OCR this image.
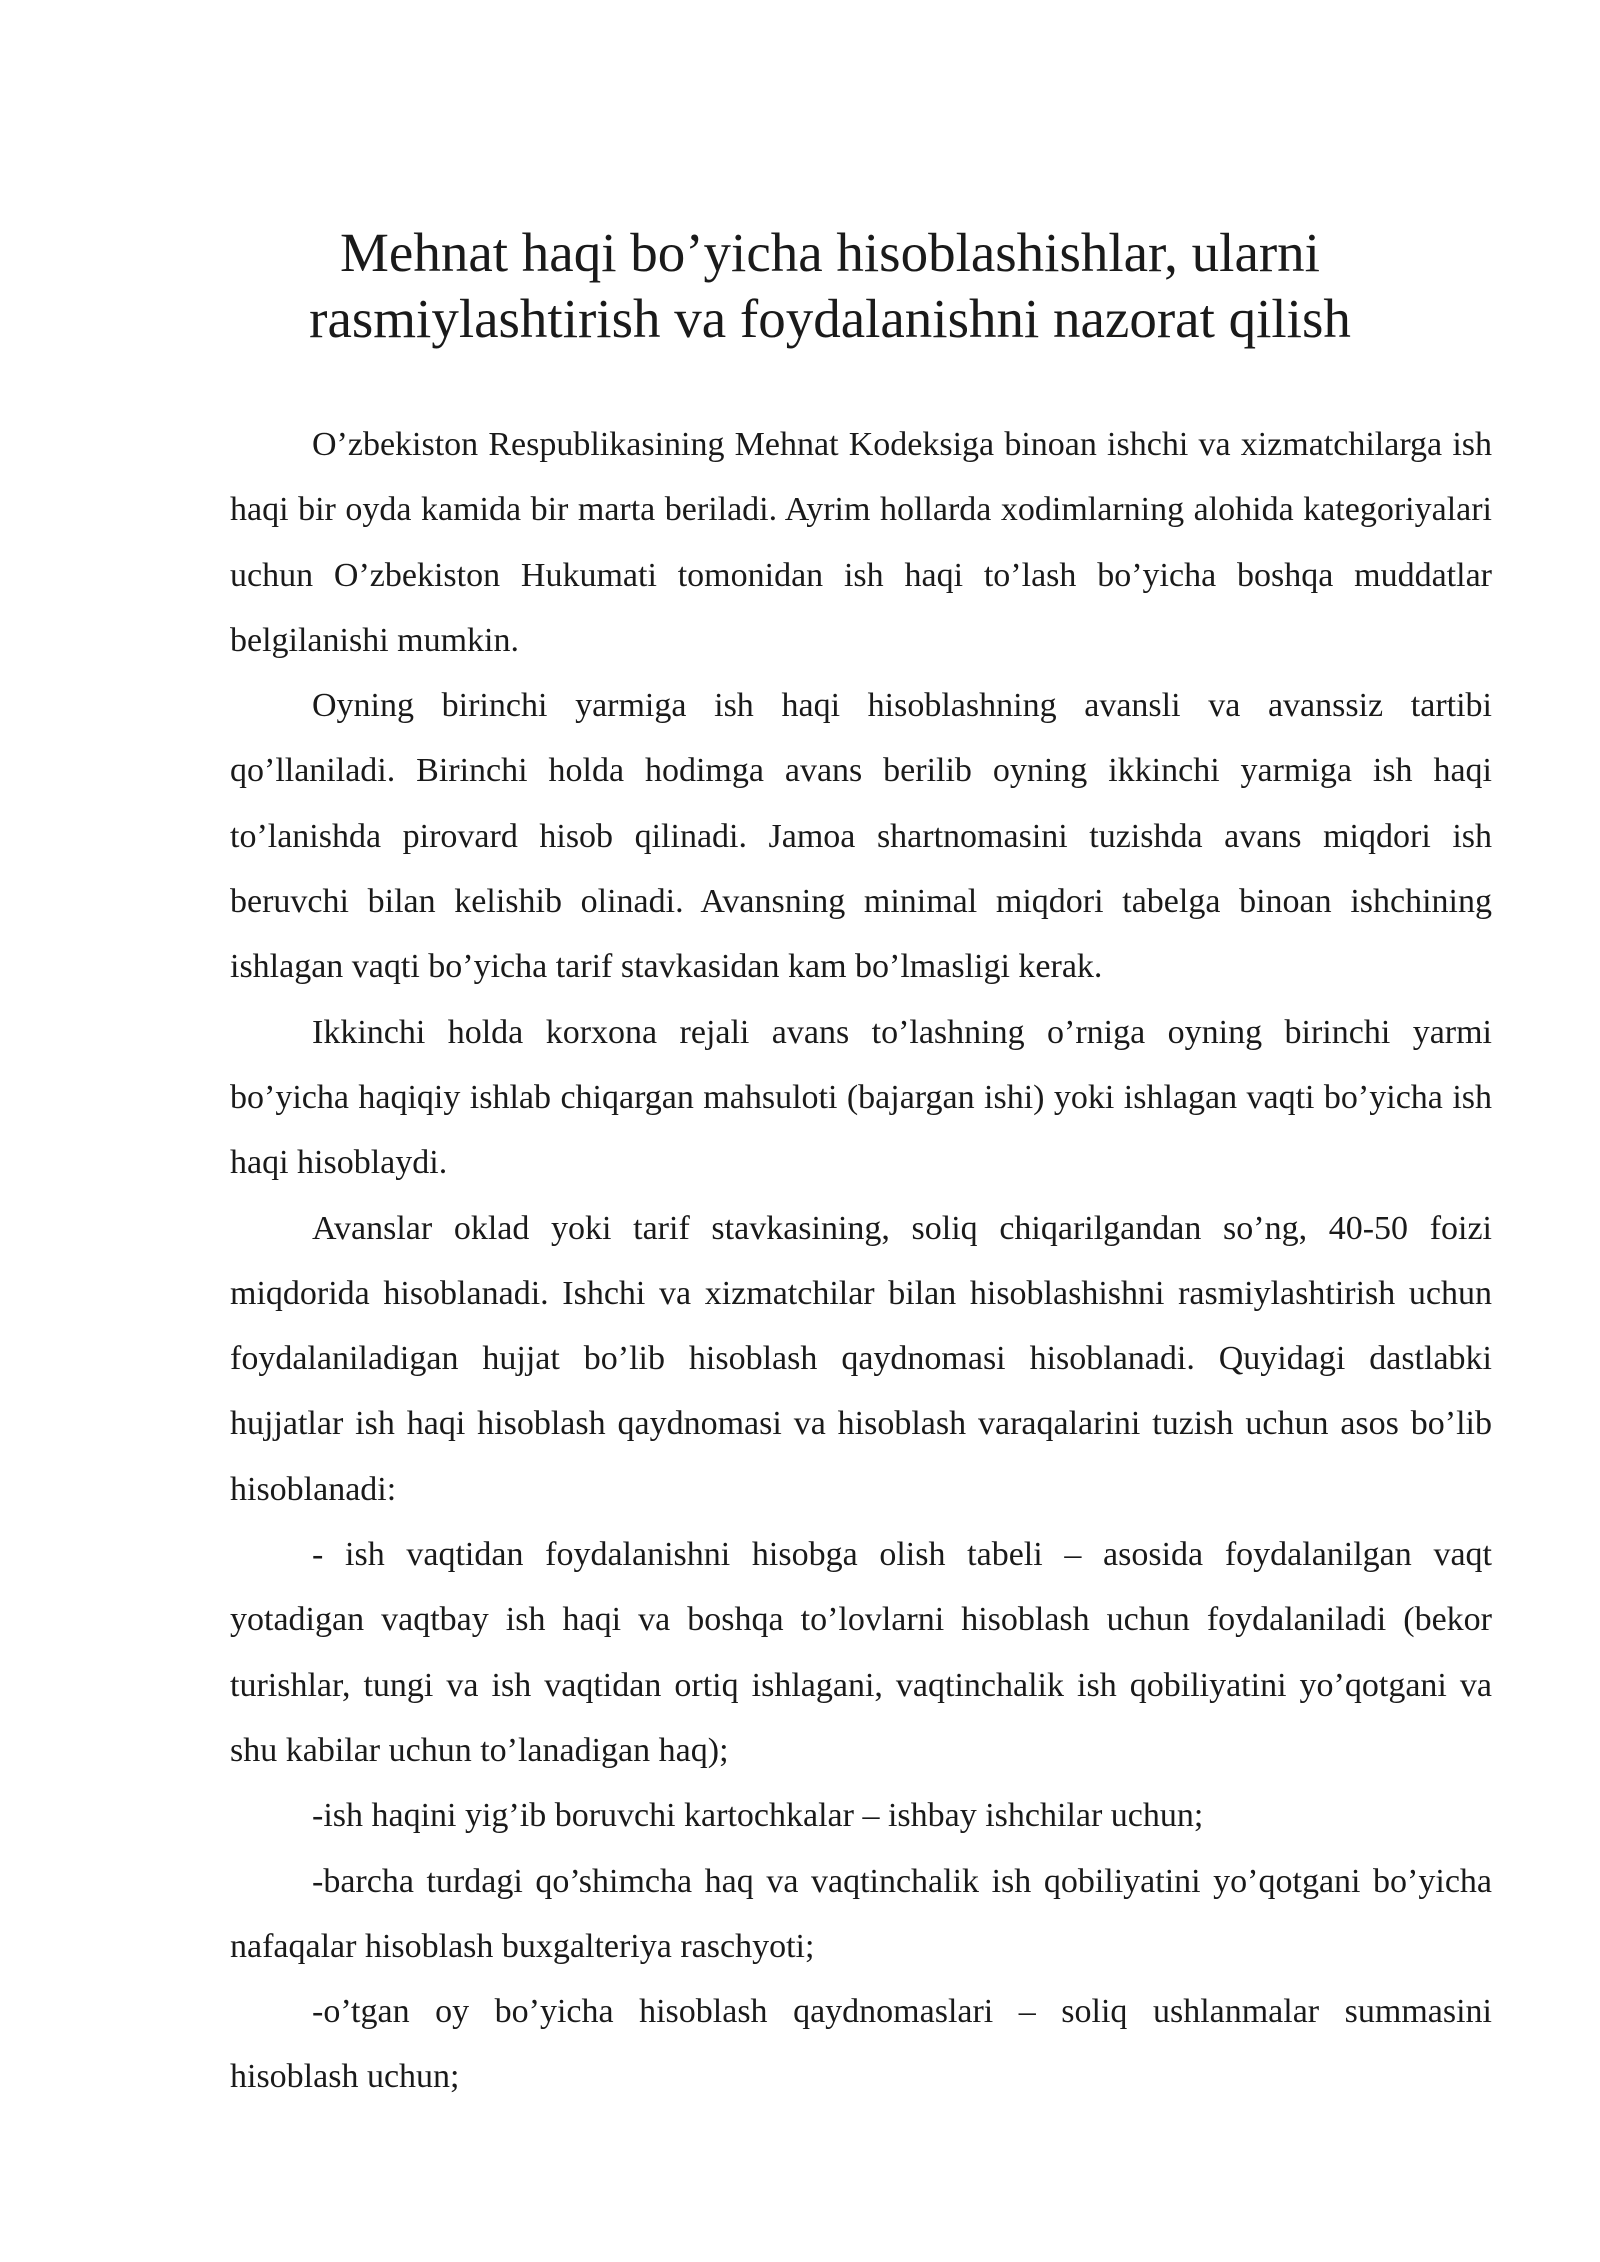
Mehnat haqi bo’yicha hisoblashishlar, ularni
rasmiylashtirish va foydalanishni nazorat qilish

O’zbekiston Respublikasining Mehnat Kodeksiga binoan ishchi va xizmatchilarga ish haqi bir oyda kamida bir marta beriladi. Ayrim hollarda xodimlarning alohida kategoriyalari uchun O’zbekiston Hukumati tomonidan ish haqi to’lash bo’yicha boshqa muddatlar belgilanishi mumkin.

Oyning birinchi yarmiga ish haqi hisoblashning avansli va avanssiz tartibi qo’llaniladi. Birinchi holda hodimga avans berilib oyning ikkinchi yarmiga ish haqi to’lanishda pirovard hisob qilinadi. Jamoa shartnomasini tuzishda avans miqdori ish beruvchi bilan kelishib olinadi. Avansning minimal miqdori tabelga binoan ishchining ishlagan vaqti bo’yicha tarif stavkasidan kam bo’lmasligi kerak.

Ikkinchi holda korxona rejali avans to’lashning o’rniga oyning birinchi yarmi bo’yicha haqiqiy ishlab chiqargan mahsuloti (bajargan ishi) yoki ishlagan vaqti bo’yicha ish haqi hisoblaydi.

Avanslar oklad yoki tarif stavkasining, soliq chiqarilgandan so’ng, 40-50 foizi miqdorida hisoblanadi. Ishchi va xizmatchilar bilan hisoblashishni rasmiylashtirish uchun foydalaniladigan hujjat bo’lib hisoblash qaydnomasi hisoblanadi. Quyidagi dastlabki hujjatlar ish haqi hisoblash qaydnomasi va hisoblash varaqalarini tuzish uchun asos bo’lib hisoblanadi:

- ish vaqtidan foydalanishni hisobga olish tabeli – asosida foydalanilgan vaqt yotadigan vaqtbay ish haqi va boshqa to’lovlarni hisoblash uchun foydalaniladi (bekor turishlar, tungi va ish vaqtidan ortiq ishlagani, vaqtinchalik ish qobiliyatini yo’qotgani va shu kabilar uchun to’lanadigan haq);

-ish haqini yig’ib boruvchi kartochkalar – ishbay ishchilar uchun;

-barcha turdagi qo’shimcha haq va vaqtinchalik ish qobiliyatini yo’qotgani bo’yicha nafaqalar hisoblash buxgalteriya raschyoti;

-o’tgan oy bo’yicha hisoblash qaydnomaslari – soliq ushlanmalar summasini hisoblash uchun;
